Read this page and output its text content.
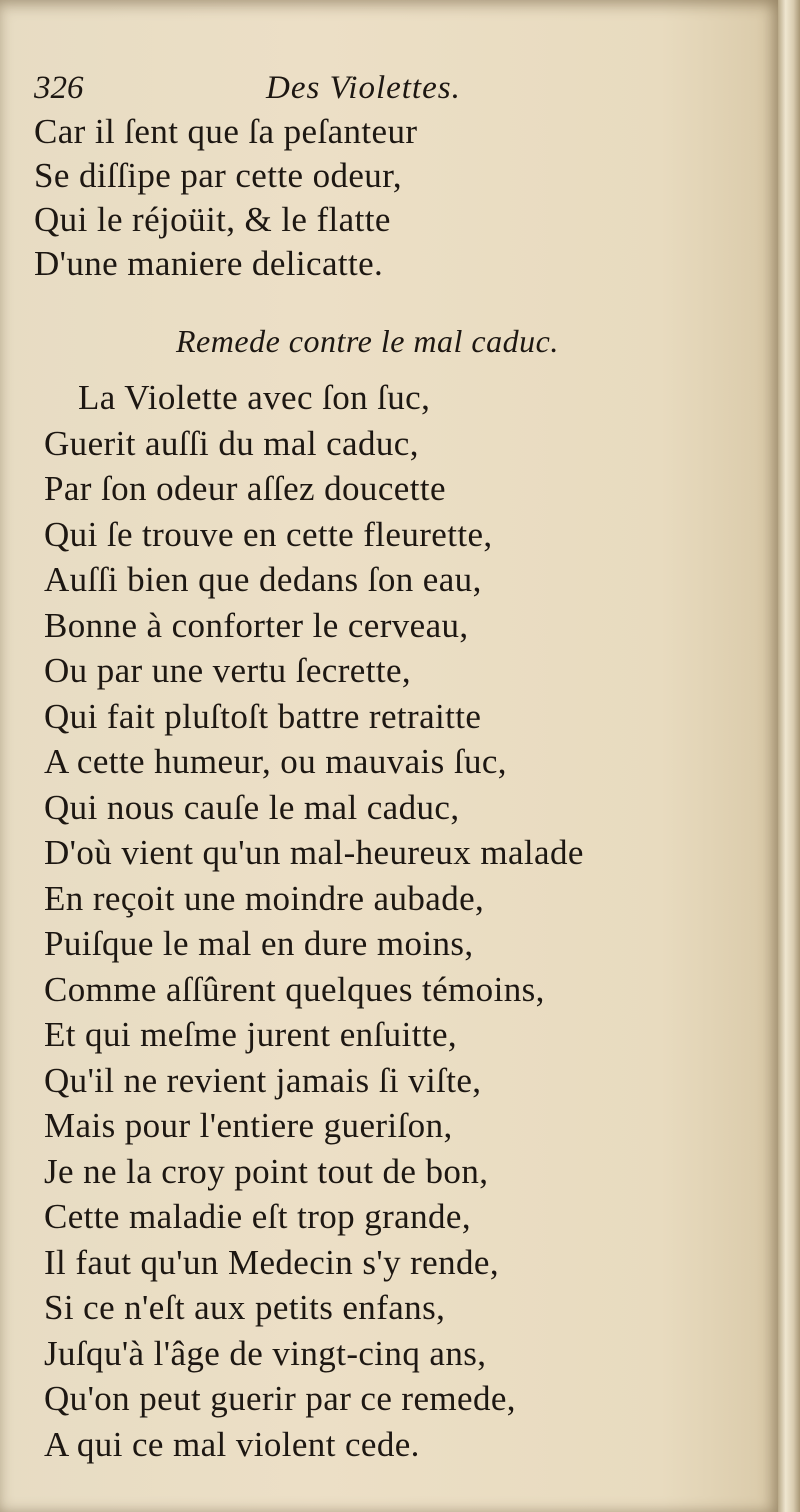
326	Des Violettes.
Car il ſent que ſa peſanteur
Se diſſipe par cette odeur,
Qui le réjoüit, & le flatte
D'une maniere delicatte.
Remede contre le mal caduc.
La Violette avec ſon ſuc,
Guerit auſſi du mal caduc,
Par ſon odeur aſſez doucette
Qui ſe trouve en cette fleurette,
Auſſi bien que dedans ſon eau,
Bonne à conforter le cerveau,
Ou par une vertu ſecrette,
Qui fait pluſtoſt battre retraitte
A cette humeur, ou mauvais ſuc,
Qui nous cauſe le mal caduc,
D'où vient qu'un mal-heureux malade
En reçoit une moindre aubade,
Puiſque le mal en dure moins,
Comme aſſûrent quelques témoins,
Et qui meſme jurent enſuitte,
Qu'il ne revient jamais ſi viſte,
Mais pour l'entiere gueriſon,
Je ne la croy point tout de bon,
Cette maladie eſt trop grande,
Il faut qu'un Medecin s'y rende,
Si ce n'eſt aux petits enfans,
Juſqu'à l'âge de vingt-cinq ans,
Qu'on peut guerir par ce remede,
A qui ce mal violent cede.
